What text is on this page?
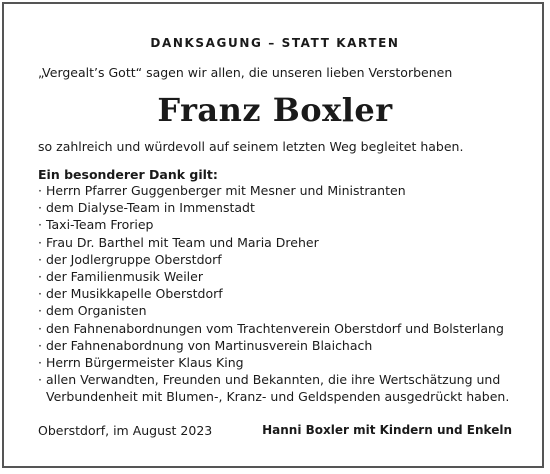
DANKSAGUNG – STATT KARTEN
„Vergealt’s Gott“ sagen wir allen, die unseren lieben Verstorbenen
Franz Boxler
so zahlreich und würdevoll auf seinem letzten Weg begleitet haben.
Ein besonderer Dank gilt:
· Herrn Pfarrer Guggenberger mit Mesner und Ministranten
· dem Dialyse-Team in Immenstadt
· Taxi-Team Froriep
· Frau Dr. Barthel mit Team und Maria Dreher
· der Jodlergruppe Oberstdorf
· der Familienmusik Weiler
· der Musikkapelle Oberstdorf
· dem Organisten
· den Fahnenabordnungen vom Trachtenverein Oberstdorf und Bolsterlang
· der Fahnenabordnung von Martinusverein Blaichach
· Herrn Bürgermeister Klaus King
· allen Verwandten, Freunden und Bekannten, die ihre Wertschätzung und
Verbundenheit mit Blumen-, Kranz- und Geldspenden ausgedrückt haben.
Oberstdorf, im August 2023	Hanni Boxler mit Kindern und Enkeln
